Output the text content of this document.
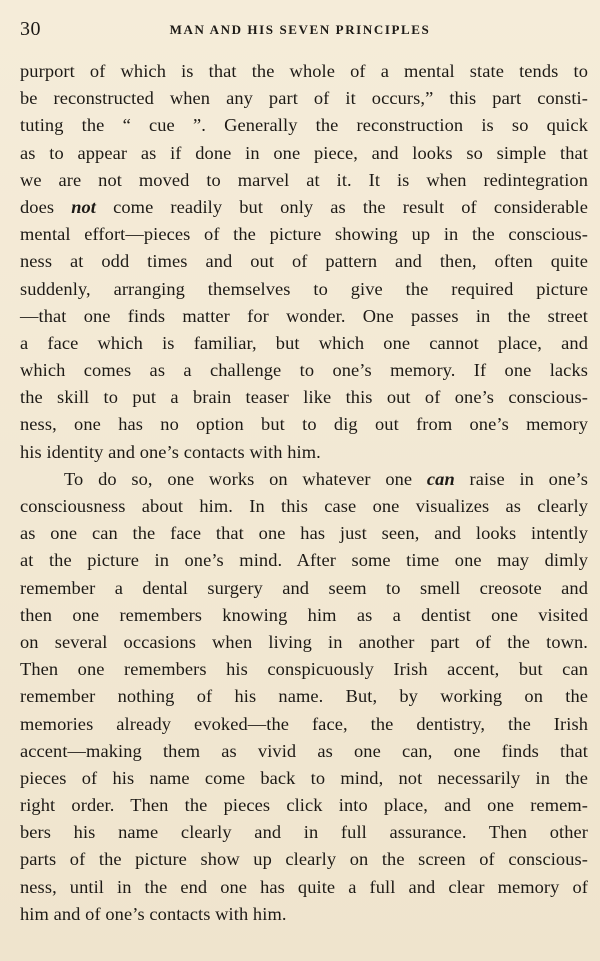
30	MAN AND HIS SEVEN PRINCIPLES
purport of which is that the whole of a mental state tends to
be reconstructed when any part of it occurs,” this part consti-
tuting the “ cue ”. Generally the reconstruction is so quick
as to appear as if done in one piece, and looks so simple that
we are not moved to marvel at it. It is when redintegration
does not come readily but only as the result of considerable
mental effort—pieces of the picture showing up in the conscious-
ness at odd times and out of pattern and then, often quite
suddenly, arranging themselves to give the required picture
—that one finds matter for wonder. One passes in the street
a face which is familiar, but which one cannot place, and
which comes as a challenge to one’s memory. If one lacks
the skill to put a brain teaser like this out of one’s conscious-
ness, one has no option but to dig out from one’s memory
his identity and one’s contacts with him.
To do so, one works on whatever one can raise in one’s
consciousness about him. In this case one visualizes as clearly
as one can the face that one has just seen, and looks intently
at the picture in one’s mind. After some time one may dimly
remember a dental surgery and seem to smell creosote and
then one remembers knowing him as a dentist one visited
on several occasions when living in another part of the town.
Then one remembers his conspicuously Irish accent, but can
remember nothing of his name. But, by working on the
memories already evoked—the face, the dentistry, the Irish
accent—making them as vivid as one can, one finds that
pieces of his name come back to mind, not necessarily in the
right order. Then the pieces click into place, and one remem-
bers his name clearly and in full assurance. Then other
parts of the picture show up clearly on the screen of conscious-
ness, until in the end one has quite a full and clear memory of
him and of one’s contacts with him.
